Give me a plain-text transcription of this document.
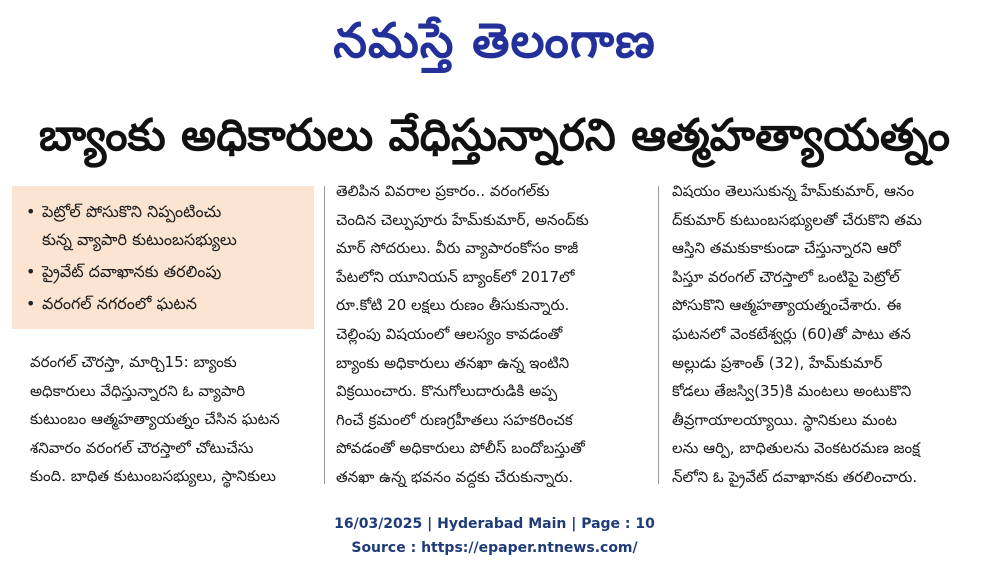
నమస్తే తెలంగాణ
బ్యాంకు అధికారులు వేధిస్తున్నారని ఆత్మహత్యాయత్నం
• పెట్రోల్ పోసుకొని నిప్పంటించు
కున్న వ్యాపారి కుటుంబసభ్యులు
• ప్రైవేట్ దవాఖానకు తరలింపు
• వరంగల్ నగరంలో ఘటన
వరంగల్ చౌరస్తా, మార్చి15: బ్యాంకు
అధికారులు వేధిస్తున్నారని ఓ వ్యాపారి
కుటుంబం ఆత్మహత్యాయత్నం చేసిన ఘటన
శనివారం వరంగల్ చౌరస్తాలో చోటుచేసు
కుంది. బాధిత కుటుంబసభ్యులు, స్థానికులు
తెలిపిన వివరాల ప్రకారం.. వరంగల్‌కు
చెందిన చెల్పుపూరు హేమ్‌కుమార్, అనంద్‌కు
మార్ సోదరులు. వీరు వ్యాపారంకోసం కాజీ
పేటలోని యూనియన్ బ్యాంక్‌లో 2017లో
రూ.కోటి 20 లక్షలు రుణం తీసుకున్నారు.
చెల్లింపు విషయంలో ఆలస్యం కావడంతో
బ్యాంకు అధికారులు తనఖా ఉన్న ఇంటిని
విక్రయించారు. కొనుగోలుదారుడికి అప్ప
గించే క్రమంలో రుణగ్రహీతలు సహకరించక
పోవడంతో అధికారులు పోలీస్ బందోబస్తుతో
తనఖా ఉన్న భవనం వద్దకు చేరుకున్నారు.
విషయం తెలుసుకున్న హేమ్‌కుమార్, ఆనం
ద్‌కుమార్ కుటుంబసభ్యులతో చేరుకొని తమ
ఆస్తిని తమకుకాకుండా చేస్తున్నారని ఆరో
పిస్తూ వరంగల్ చౌరస్తాలో ఒంటిపై పెట్రోల్
పోసుకొని ఆత్మహత్యాయత్నంచేశారు. ఈ
ఘటనలో వెంకటేశ్వర్లు (60)తో పాటు తన
అల్లుడు ప్రశాంత్ (32), హేమ్‌కుమార్
కోడలు తేజస్వి(35)కి మంటలు అంటుకొని
తీవ్రగాయాలయ్యాయి. స్థానికులు మంట
లను ఆర్పి, బాధితులను వెంకటరమణ జంక్ష
న్‌లోని ఓ ప్రైవేట్ దవాఖానకు తరలించారు.
16/03/2025 | Hyderabad Main | Page : 10
Source : https://epaper.ntnews.com/
